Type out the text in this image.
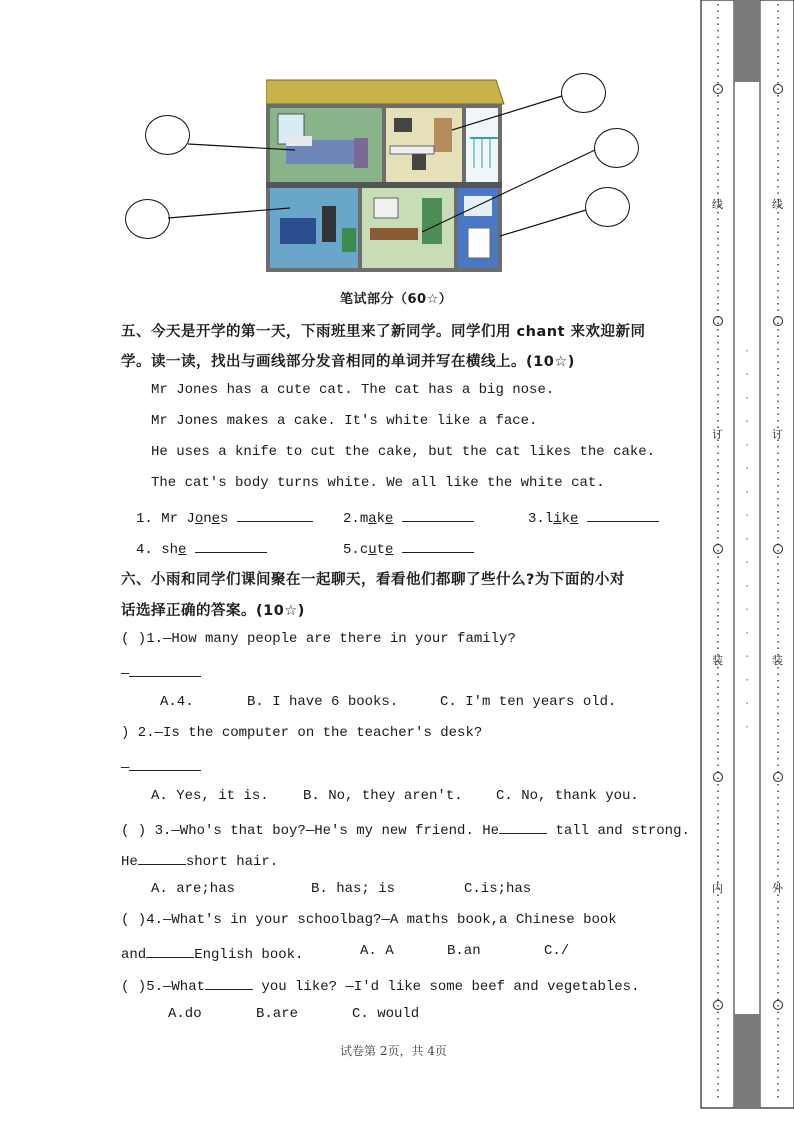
笔试部分（60☆）
五、今天是开学的第一天，下雨班里来了新同学。同学们用 chant 来欢迎新同
学。读一读，找出与画线部分发音相同的单词并写在横线上。(10☆)
Mr Jones has a cute cat. The cat has a big nose.
Mr Jones makes a cake. It's white like a face.
He uses a knife to cut the cake, but the cat likes the cake.
The cat's body turns white. We all like the white cat.
1. Mr Jones	2.make	3.like
4. she	5.cute
六、小雨和同学们课间聚在一起聊天，看看他们都聊了些什么?为下面的小对
话选择正确的答案。(10☆)
( )1.—How many people are there in your family?
—
A.4.	B. I have 6 books.	C. I'm ten years old.
) 2.—Is the computer on the teacher's desk?
—
A. Yes, it is. B. No, they aren't. C. No, thank you.
( ) 3.—Who's that boy?—He's my new friend. He	tall and strong.
He	short hair.
A. are;has	B. has; is	C.is;has
( )4.—What's in your schoolbag?—A maths book,a Chinese book
and	English book.	A. A	B.an	C./
( )5.—What	you like? —I'd like some beef and vegetables.
A.do	B.are	C. would
试卷第 2页，共 4页
线
订
装
内
线
订
装
外
